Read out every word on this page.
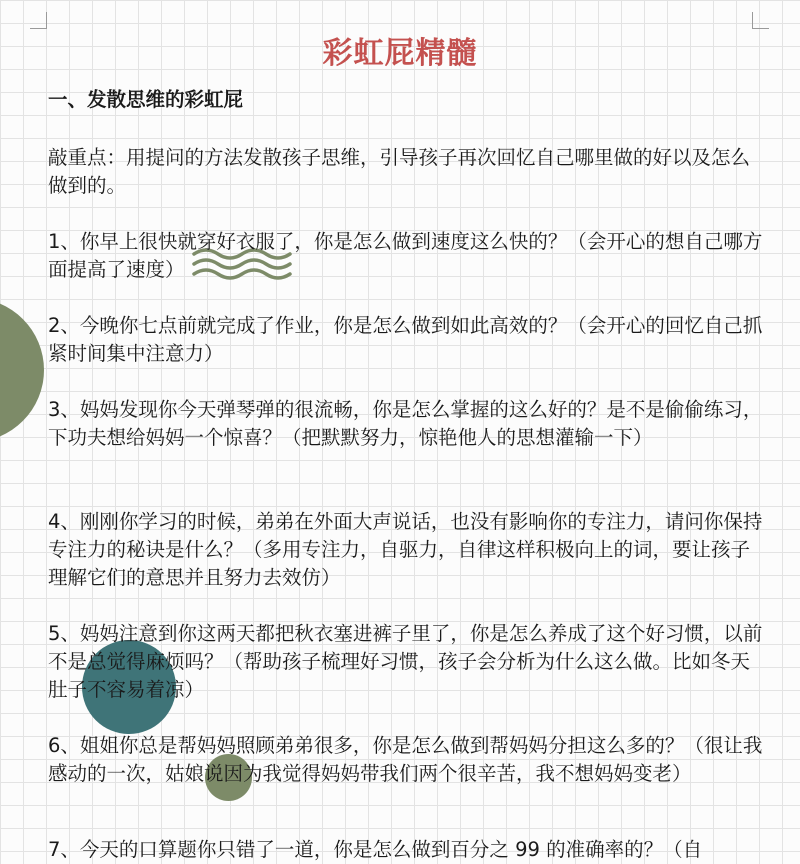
彩虹屁精髓

一、发散思维的彩虹屁

敲重点：用提问的方法发散孩子思维，引导孩子再次回忆自己哪里做的好以及怎么做到的。

1、你早上很快就穿好衣服了，你是怎么做到速度这么快的？（会开心的想自己哪方面提高了速度）

2、今晚你七点前就完成了作业，你是怎么做到如此高效的？（会开心的回忆自己抓紧时间集中注意力）

3、妈妈发现你今天弹琴弹的很流畅，你是怎么掌握的这么好的？是不是偷偷练习，下功夫想给妈妈一个惊喜？（把默默努力，惊艳他人的思想灌输一下）

4、刚刚你学习的时候，弟弟在外面大声说话，也没有影响你的专注力，请问你保持专注力的秘诀是什么？（多用专注力，自驱力，自律这样积极向上的词，要让孩子理解它们的意思并且努力去效仿）

5、妈妈注意到你这两天都把秋衣塞进裤子里了，你是怎么养成了这个好习惯，以前不是总觉得麻烦吗？（帮助孩子梳理好习惯，孩子会分析为什么这么做。比如冬天肚子不容易着凉）

6、姐姐你总是帮妈妈照顾弟弟很多，你是怎么做到帮妈妈分担这么多的？（很让我感动的一次，姑娘说因为我觉得妈妈带我们两个很辛苦，我不想妈妈变老）

7、今天的口算题你只错了一道，你是怎么做到百分之 99 的准确率的？（自
